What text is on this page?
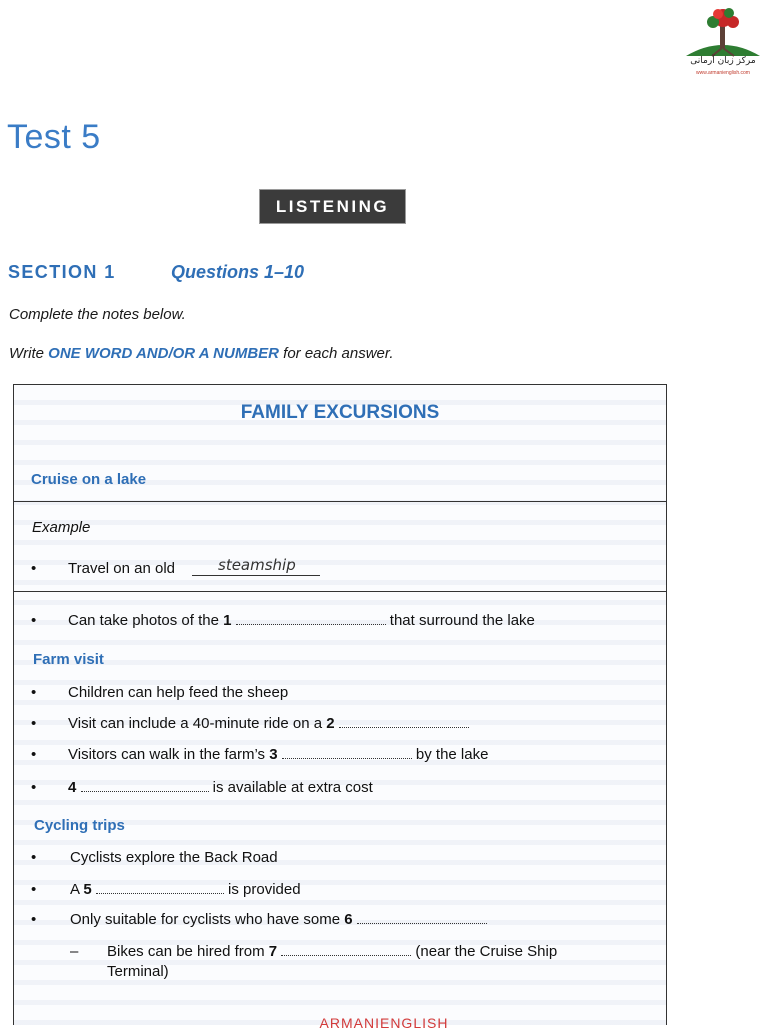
مرکز زبان آرمانی
www.armanienglish.com
Test 5
LISTENING
SECTION 1	Questions 1–10
Complete the notes below.
Write ONE WORD AND/OR A NUMBER for each answer.
FAMILY EXCURSIONS
Cruise on a lake
Example
• Travel on an old	steamship
• Can take photos of the 1	that surround the lake
Farm visit
• Children can help feed the sheep
• Visit can include a 40-minute ride on a 2
• Visitors can walk in the farm’s 3	by the lake
• 4	is available at extra cost
Cycling trips
• Cyclists explore the Back Road
• A 5	is provided
• Only suitable for cyclists who have some 6
– Bikes can be hired from 7	(near the Cruise Ship
Terminal)
ARMANIENGLISH
